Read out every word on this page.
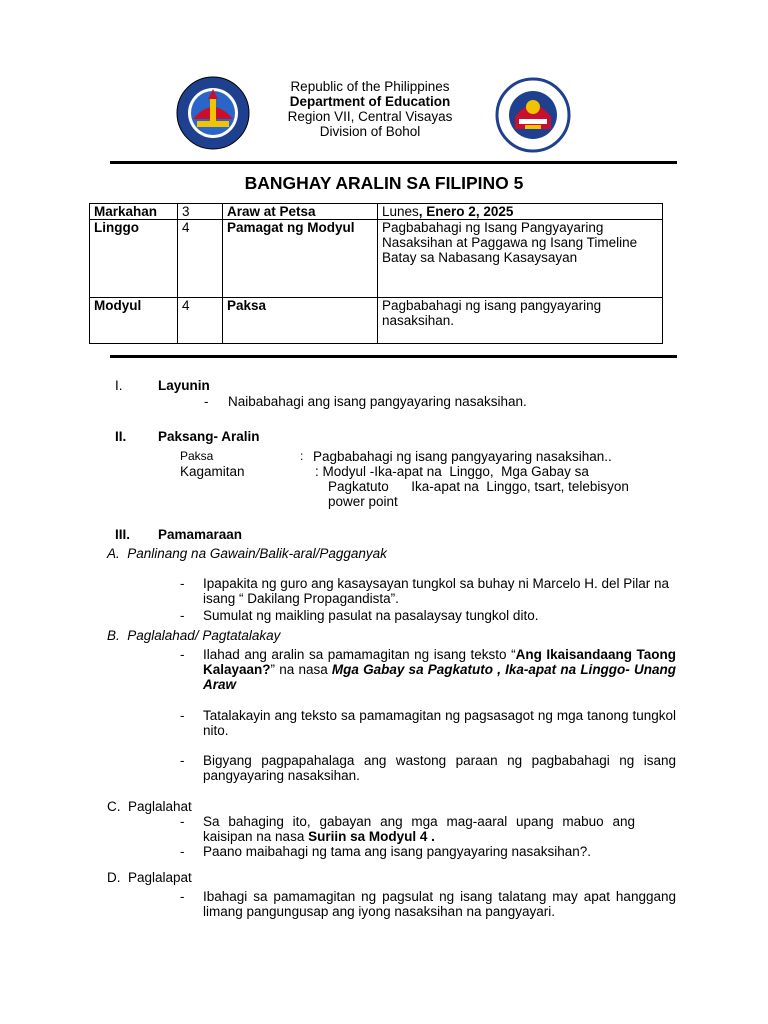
Republic of the Philippines
Department of Education
Region VII, Central Visayas
Division of Bohol
BANGHAY ARALIN SA FILIPINO 5
Markahan	3	Araw at Petsa	Lunes, Enero 2, 2025
Linggo	4	Pamagat ng Modyul	Pagbabahagi ng Isang Pangyayaring Nasaksihan at Paggawa ng Isang Timeline Batay sa Nabasang Kasaysayan
Modyul	4	Paksa	Pagbabahagi ng isang pangyayaring nasaksihan.
I.	Layunin
- Naibabahagi ang isang pangyayaring nasaksihan.
II. Paksang- Aralin
Paksa	: Pagbabahagi ng isang pangyayaring nasaksihan..
Kagamitan	: Modyul -Ika-apat na  Linggo,  Mga Gabay sa
Pagkatuto      Ika-apat na  Linggo, tsart, telebisyon
power point
III. Pamamaraan
A.  Panlinang na Gawain/Balik-aral/Pagganyak
- Ipapakita ng guro ang kasaysayan tungkol sa buhay ni Marcelo H. del Pilar na isang “ Dakilang Propagandista”.
- Sumulat ng maikling pasulat na pasalaysay tungkol dito.
B.  Paglalahad/ Pagtatalakay
- Ilahad ang aralin sa pamamagitan ng isang teksto “Ang Ikaisandaang Taong Kalayaan?” na nasa Mga Gabay sa Pagkatuto , Ika-apat na Linggo- Unang Araw
- Tatalakayin ang teksto sa pamamagitan ng pagsasagot ng mga tanong tungkol nito.
- Bigyang pagpapahalaga ang wastong paraan ng pagbabahagi ng isang pangyayaring nasaksihan.
C.  Paglalahat
- Sa bahaging ito, gabayan ang mga mag-aaral upang mabuo ang kaisipan na nasa Suriin sa Modyul 4 .
- Paano maibahagi ng tama ang isang pangyayaring nasaksihan?.
D.  Paglalapat
- Ibahagi sa pamamagitan ng pagsulat ng isang talatang may apat hanggang limang pangungusap ang iyong nasaksihan na pangyayari.
